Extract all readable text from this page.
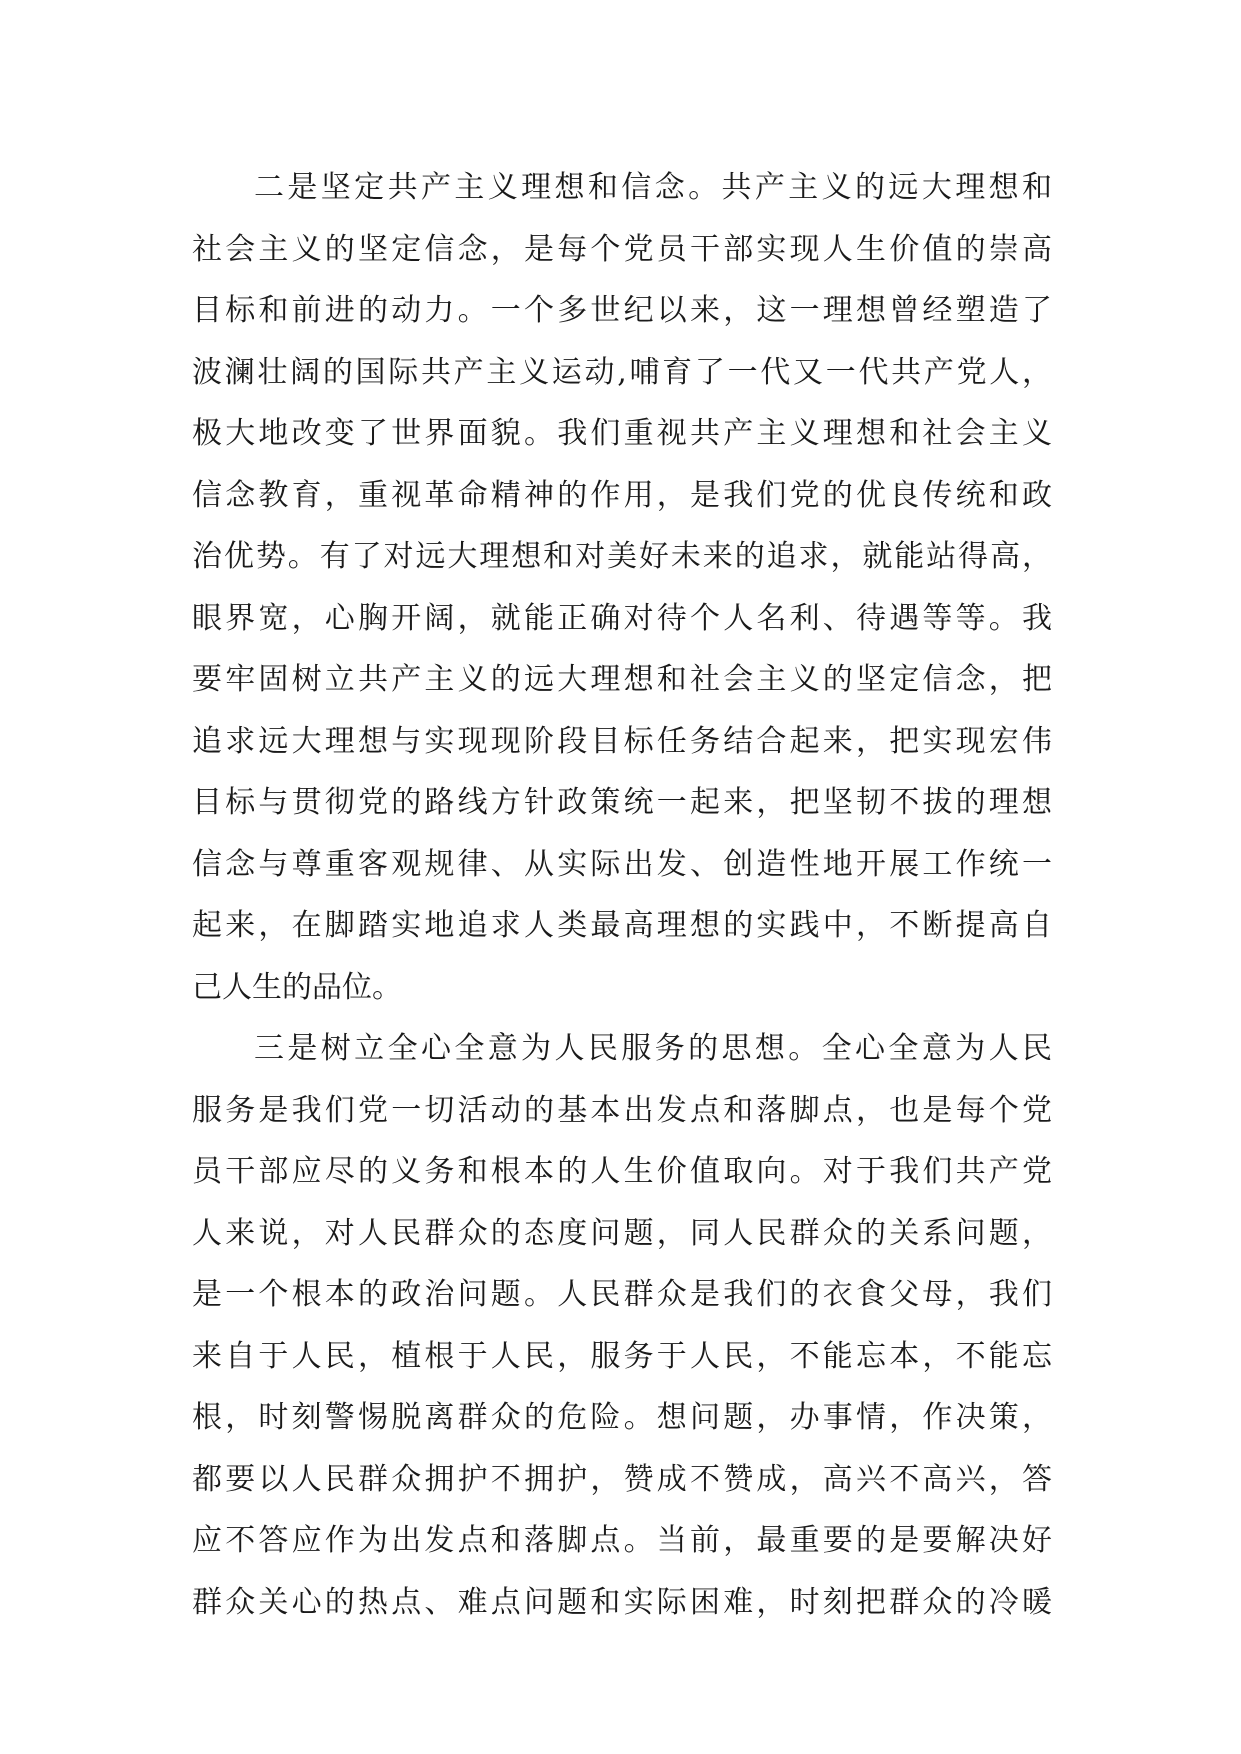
二是坚定共产主义理想和信念。共产主义的远大理想和
社会主义的坚定信念，是每个党员干部实现人生价值的崇高
目标和前进的动力。一个多世纪以来，这一理想曾经塑造了
波澜壮阔的国际共产主义运动,哺育了一代又一代共产党人，
极大地改变了世界面貌。我们重视共产主义理想和社会主义
信念教育，重视革命精神的作用，是我们党的优良传统和政
治优势。有了对远大理想和对美好未来的追求，就能站得高，
眼界宽，心胸开阔，就能正确对待个人名利、待遇等等。我
要牢固树立共产主义的远大理想和社会主义的坚定信念，把
追求远大理想与实现现阶段目标任务结合起来，把实现宏伟
目标与贯彻党的路线方针政策统一起来，把坚韧不拔的理想
信念与尊重客观规律、从实际出发、创造性地开展工作统一
起来，在脚踏实地追求人类最高理想的实践中，不断提高自
己人生的品位。
三是树立全心全意为人民服务的思想。全心全意为人民
服务是我们党一切活动的基本出发点和落脚点，也是每个党
员干部应尽的义务和根本的人生价值取向。对于我们共产党
人来说，对人民群众的态度问题，同人民群众的关系问题，
是一个根本的政治问题。人民群众是我们的衣食父母，我们
来自于人民，植根于人民，服务于人民，不能忘本，不能忘
根，时刻警惕脱离群众的危险。想问题，办事情，作决策，
都要以人民群众拥护不拥护，赞成不赞成，高兴不高兴，答
应不答应作为出发点和落脚点。当前，最重要的是要解决好
群众关心的热点、难点问题和实际困难，时刻把群众的冷暖
